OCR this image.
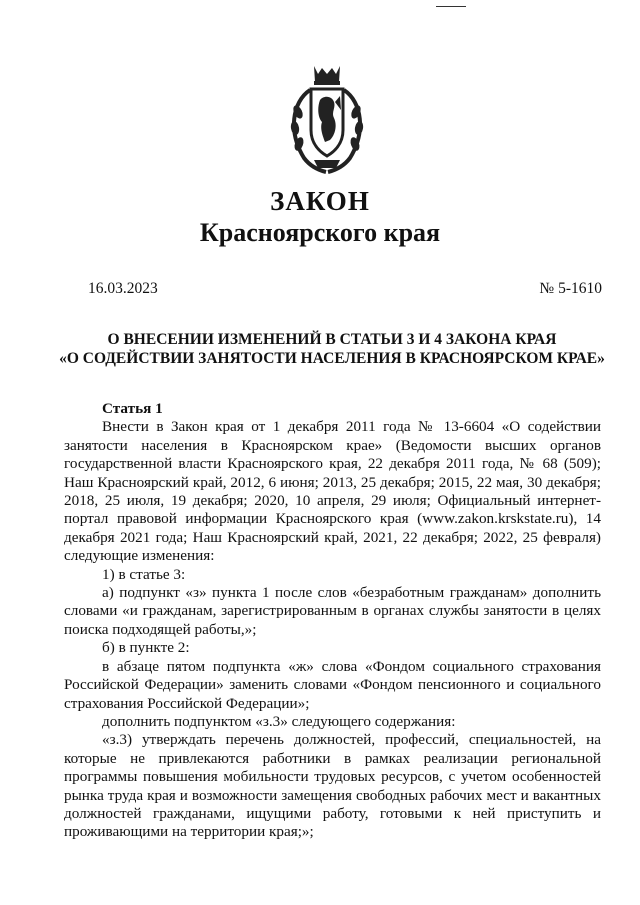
ЗАКОН
Красноярского края
16.03.2023	№ 5-1610
О ВНЕСЕНИИ ИЗМЕНЕНИЙ В СТАТЬИ 3 И 4 ЗАКОНА КРАЯ
«О СОДЕЙСТВИИ ЗАНЯТОСТИ НАСЕЛЕНИЯ В КРАСНОЯРСКОМ КРАЕ»

Статья 1

Внести в Закон края от 1 декабря 2011 года № 13-6604 «О содействии занятости населения в Красноярском крае» (Ведомости высших органов государственной власти Красноярского края, 22 декабря 2011 года, № 68 (509); Наш Красноярский край, 2012, 6 июня; 2013, 25 декабря; 2015, 22 мая, 30 декабря; 2018, 25 июля, 19 декабря; 2020, 10 апреля, 29 июля; Официальный интернет-портал правовой информации Красноярского края (www.zakon.krskstate.ru), 14 декабря 2021 года; Наш Красноярский край, 2021, 22 декабря; 2022, 25 февраля) следующие изменения:

1) в статье 3:

а) подпункт «з» пункта 1 после слов «безработным гражданам» дополнить словами «и гражданам, зарегистрированным в органах службы занятости в целях поиска подходящей работы,»;

б) в пункте 2:

в абзаце пятом подпункта «ж» слова «Фондом социального страхования Российской Федерации» заменить словами «Фондом пенсионного и социального страхования Российской Федерации»;

дополнить подпунктом «з.3» следующего содержания:

«з.3) утверждать перечень должностей, профессий, специальностей, на которые не привлекаются работники в рамках реализации региональной программы повышения мобильности трудовых ресурсов, с учетом особенностей рынка труда края и возможности замещения свободных рабочих мест и вакантных должностей гражданами, ищущими работу, готовыми к ней приступить и проживающими на территории края;»;
